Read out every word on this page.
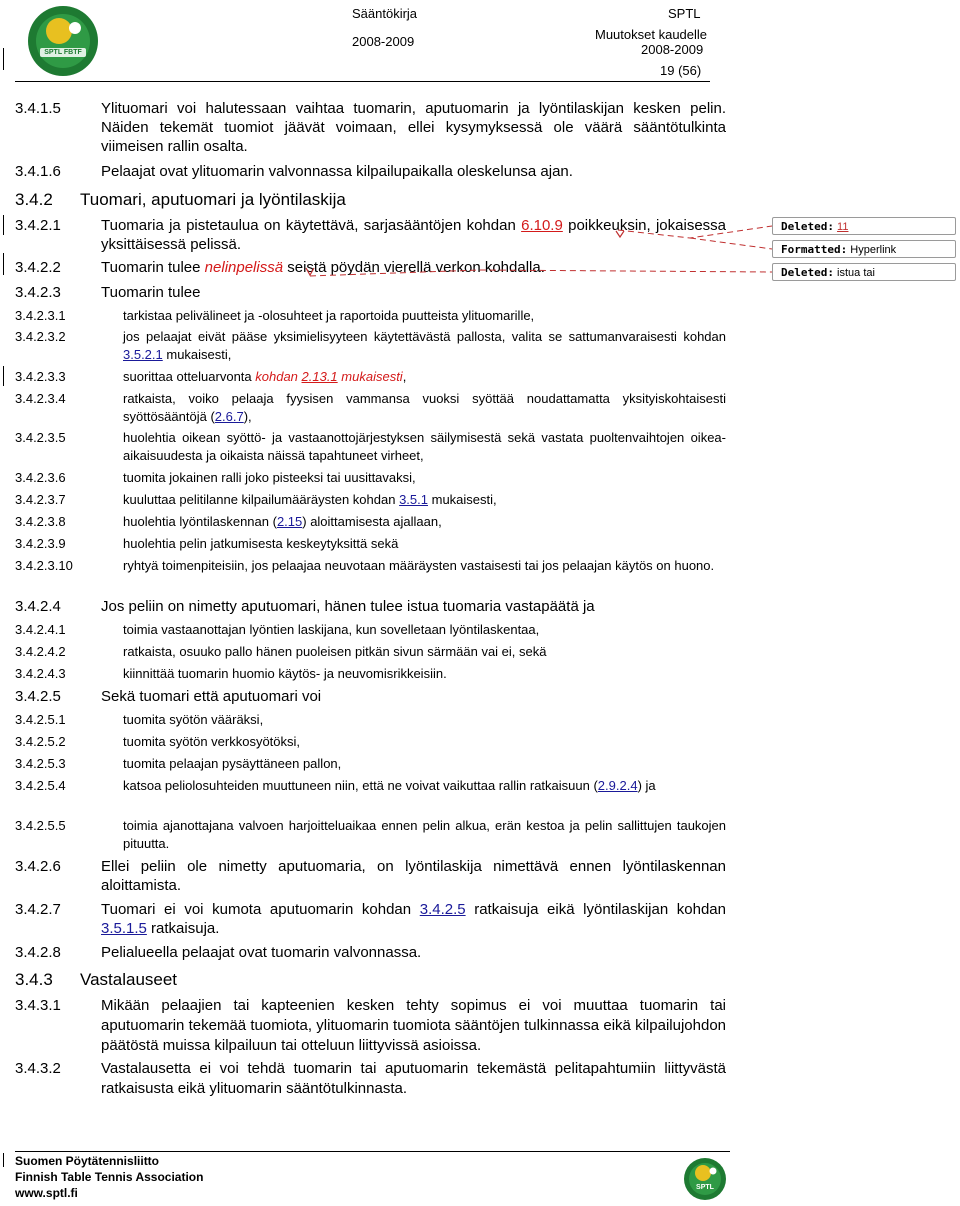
SPTL FBTF
Sääntökirja
2008-2009
SPTL
Muutokset kaudelle
2008-2009
19 (56)
3.4.1.5	Ylituomari voi halutessaan vaihtaa tuomarin, aputuomarin ja lyöntilaskijan kesken pelin. Näiden tekemät tuomiot jäävät voimaan, ellei kysymyksessä ole väärä sääntötulkinta viimeisen rallin osalta.
3.4.1.6	Pelaajat ovat ylituomarin valvonnassa kilpailupaikalla oleskelunsa ajan.
3.4.2 Tuomari, aputuomari ja lyöntilaskija
3.4.2.1	Tuomaria ja pistetaulua on käytettävä, sarjasääntöjen kohdan 6.10.9 poikkeuksin, jokaisessa yksittäisessä pelissä.
3.4.2.2	Tuomarin tulee nelinpelissä seistä pöydän vierellä verkon kohdalla.
3.4.2.3	Tuomarin tulee
3.4.2.3.1	tarkistaa pelivälineet ja -olosuhteet ja raportoida puutteista ylituomarille,
3.4.2.3.2	jos pelaajat eivät pääse yksimielisyyteen käytettävästä pallosta, valita se sattumanvaraisesti kohdan 3.5.2.1 mukaisesti,
3.4.2.3.3	suorittaa otteluarvonta kohdan 2.13.1 mukaisesti,
3.4.2.3.4	ratkaista, voiko pelaaja fyysisen vammansa vuoksi syöttää noudattamatta yksityiskohtaisesti syöttösääntöjä (2.6.7),
3.4.2.3.5	huolehtia oikean syöttö- ja vastaanottojärjestyksen säilymisestä sekä vastata puoltenvaihtojen oikea-aikaisuudesta ja oikaista näissä tapahtuneet virheet,
3.4.2.3.6	tuomita jokainen ralli joko pisteeksi tai uusittavaksi,
3.4.2.3.7	kuuluttaa pelitilanne kilpailumääräysten kohdan 3.5.1 mukaisesti,
3.4.2.3.8	huolehtia lyöntilaskennan (2.15) aloittamisesta ajallaan,
3.4.2.3.9	huolehtia pelin jatkumisesta keskeytyksittä sekä
3.4.2.3.10	ryhtyä toimenpiteisiin, jos pelaajaa neuvotaan määräysten vastaisesti tai jos pelaajan käytös on huono.
3.4.2.4	Jos peliin on nimetty aputuomari, hänen tulee istua tuomaria vastapäätä ja
3.4.2.4.1	toimia vastaanottajan lyöntien laskijana, kun sovelletaan lyöntilaskentaa,
3.4.2.4.2	ratkaista, osuuko pallo hänen puoleisen pitkän sivun särmään vai ei, sekä
3.4.2.4.3	kiinnittää tuomarin huomio käytös- ja neuvomisrikkeisiin.
3.4.2.5	Sekä tuomari että aputuomari voi
3.4.2.5.1	tuomita syötön vääräksi,
3.4.2.5.2	tuomita syötön verkkosyötöksi,
3.4.2.5.3	tuomita pelaajan pysäyttäneen pallon,
3.4.2.5.4	katsoa peliolosuhteiden muuttuneen niin, että ne voivat vaikuttaa rallin ratkaisuun (2.9.2.4) ja
3.4.2.5.5	toimia ajanottajana valvoen harjoitteluaikaa ennen pelin alkua, erän kestoa ja pelin sallittujen taukojen pituutta.
3.4.2.6	Ellei peliin ole nimetty aputuomaria, on lyöntilaskija nimettävä ennen lyöntilaskennan aloittamista.
3.4.2.7	Tuomari ei voi kumota aputuomarin kohdan 3.4.2.5 ratkaisuja eikä lyöntilaskijan kohdan 3.5.1.5 ratkaisuja.
3.4.2.8	Pelialueella pelaajat ovat tuomarin valvonnassa.
3.4.3 Vastalauseet
3.4.3.1	Mikään pelaajien tai kapteenien kesken tehty sopimus ei voi muuttaa tuomarin tai aputuomarin tekemää tuomiota, ylituomarin tuomiota sääntöjen tulkinnassa eikä kilpailujohdon päätöstä muissa kilpailuun tai otteluun liittyvissä asioissa.
3.4.3.2	Vastalausetta ei voi tehdä tuomarin tai aputuomarin tekemästä pelitapahtumiin liittyvästä ratkaisusta eikä ylituomarin sääntötulkinnasta.
Deleted: 11
Formatted: Hyperlink
Deleted: istua tai
Suomen Pöytätennisliitto
Finnish Table Tennis Association
www.sptl.fi	SPTL
